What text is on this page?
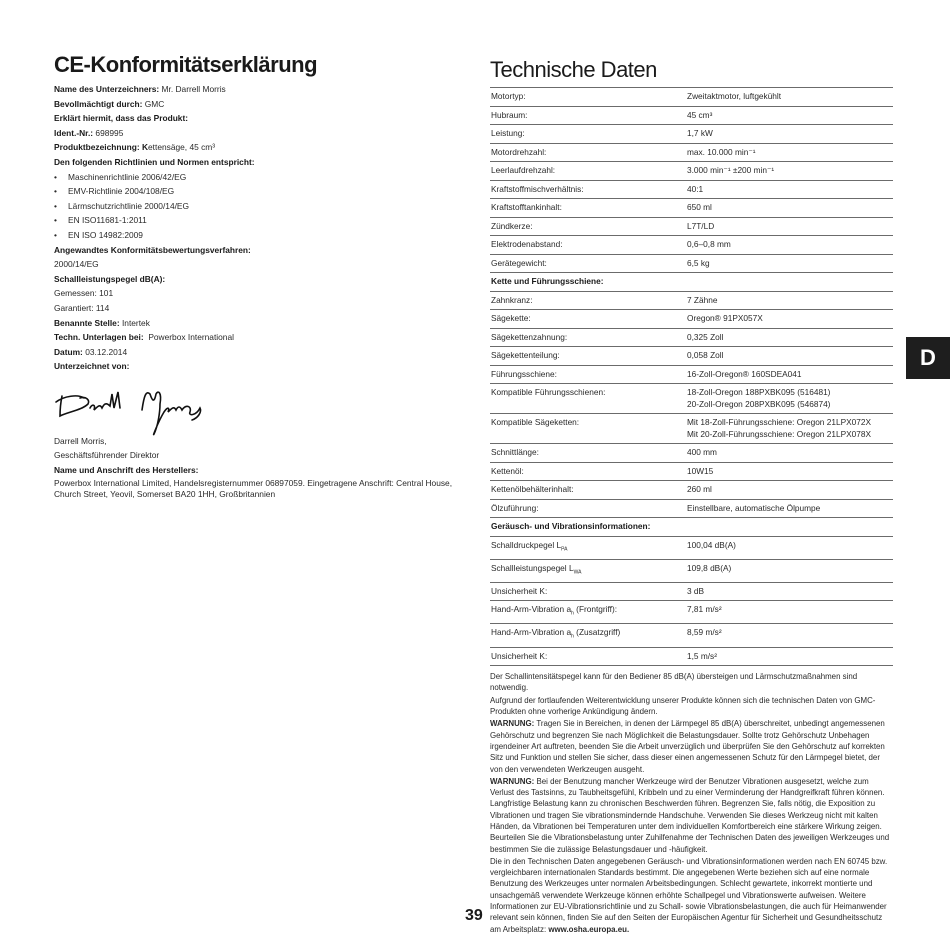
CE-Konformitätserklärung
Name des Unterzeichners: Mr. Darrell Morris
Bevollmächtigt durch: GMC
Erklärt hiermit, dass das Produkt:
Ident.-Nr.: 698995
Produktbezeichnung: Kettensäge, 45 cm³
Den folgenden Richtlinien und Normen entspricht:
• Maschinenrichtlinie 2006/42/EG
• EMV-Richtlinie 2004/108/EG
• Lärmschutzrichtlinie 2000/14/EG
• EN ISO11681-1:2011
• EN ISO 14982:2009
Angewandtes Konformitätsbewertungsverfahren:
2000/14/EG
Schallleistungspegel dB(A):
Gemessen: 101
Garantiert: 114
Benannte Stelle: Intertek
Techn. Unterlagen bei: Powerbox International
Datum: 03.12.2014
Unterzeichnet von:
Darrell Morris,
Geschäftsführender Direktor
Name und Anschrift des Herstellers:
Powerbox International Limited, Handelsregisternummer 06897059. Eingetragene Anschrift: Central House, Church Street, Yeovil, Somerset BA20 1HH, Großbritannien
Technische Daten
Motortyp:	Zweitaktmotor, luftgekühlt

Hubraum:	45 cm³

Leistung:	1,7 kW

Motordrehzahl:	max. 10.000 min⁻¹

Leerlaufdrehzahl:	3.000 min⁻¹ ±200 min⁻¹

Kraftstoffmischverhältnis:	40:1

Kraftstofftankinhalt:	650 ml

Zündkerze:	L7T/LD

Elektrodenabstand:	0,6–0,8 mm

Gerätegewicht:	6,5 kg

Kette und Führungsschiene:	
Zahnkranz:	7 Zähne

Sägekette:	Oregon® 91PX057X

Sägekettenzahnung:	0,325 Zoll

Sägekettenteilung:	0,058 Zoll

Führungsschiene:	16-Zoll-Oregon® 160SDEA041

Kompatible Führungsschienen:	18-Zoll-Oregon 188PXBK095 (516481)
20-Zoll-Oregon 208PXBK095 (546874)

Kompatible Sägeketten:	Mit 18-Zoll-Führungsschiene: Oregon 21LPX072X
Mit 20-Zoll-Führungsschiene: Oregon 21LPX078X

Schnittlänge:	400 mm

Kettenöl:	10W15

Kettenölbehälterinhalt:	260 ml

Ölzuführung:	Einstellbare, automatische Ölpumpe

Geräusch- und Vibrationsinformationen:	
Schalldruckpegel $L_{PA}$	100,04 dB(A)

Schallleistungspegel $L_{WA}$	109,8 dB(A)

Unsicherheit K:	3 dB

Hand-Arm-Vibration $a_h$ (Frontgriff):	7,81 m/s²

Hand-Arm-Vibration $a_h$ (Zusatzgriff)	8,59 m/s²

Unsicherheit K:	1,5 m/s²

Der Schallintensitätspegel kann für den Bediener 85 dB(A) übersteigen und Lärmschutzmaßnahmen sind notwendig.

Aufgrund der fortlaufenden Weiterentwicklung unserer Produkte können sich die technischen Daten von GMC-Produkten ohne vorherige Ankündigung ändern.

WARNUNG: Tragen Sie in Bereichen, in denen der Lärmpegel 85 dB(A) überschreitet, unbedingt angemessenen Gehörschutz und begrenzen Sie nach Möglichkeit die Belastungsdauer. Sollte trotz Gehörschutz Unbehagen irgendeiner Art auftreten, beenden Sie die Arbeit unverzüglich und überprüfen Sie den Gehörschutz auf korrekten Sitz und Funktion und stellen Sie sicher, dass dieser einen angemessenen Schutz für den Lärmpegel bietet, der von den verwendeten Werkzeugen ausgeht.

WARNUNG: Bei der Benutzung mancher Werkzeuge wird der Benutzer Vibrationen ausgesetzt, welche zum Verlust des Tastsinns, zu Taubheitsgefühl, Kribbeln und zu einer Verminderung der Handgreifkraft führen können. Langfristige Belastung kann zu chronischen Beschwerden führen. Begrenzen Sie, falls nötig, die Exposition zu Vibrationen und tragen Sie vibrationsmindernde Handschuhe. Verwenden Sie dieses Werkzeug nicht mit kalten Händen, da Vibrationen bei Temperaturen unter dem individuellen Komfortbereich eine stärkere Wirkung zeigen. Beurteilen Sie die Vibrationsbelastung unter Zuhilfenahme der Technischen Daten des jeweiligen Werkzeuges und bestimmen Sie die zulässige Belastungsdauer und -häufigkeit.

Die in den Technischen Daten angegebenen Geräusch- und Vibrationsinformationen werden nach EN 60745 bzw. vergleichbaren internationalen Standards bestimmt. Die angegebenen Werte beziehen sich auf eine normale Benutzung des Werkzeuges unter normalen Arbeitsbedingungen. Schlecht gewartete, inkorrekt montierte und unsachgemäß verwendete Werkzeuge können erhöhte Schallpegel und Vibrationswerte aufweisen. Weitere Informationen zur EU-Vibrationsrichtlinie und zu Schall- sowie Vibrationsbelastungen, die auch für Heimanwender relevant sein können, finden Sie auf den Seiten der Europäischen Agentur für Sicherheit und Gesundheitsschutz am Arbeitsplatz: www.osha.europa.eu.

D
39
